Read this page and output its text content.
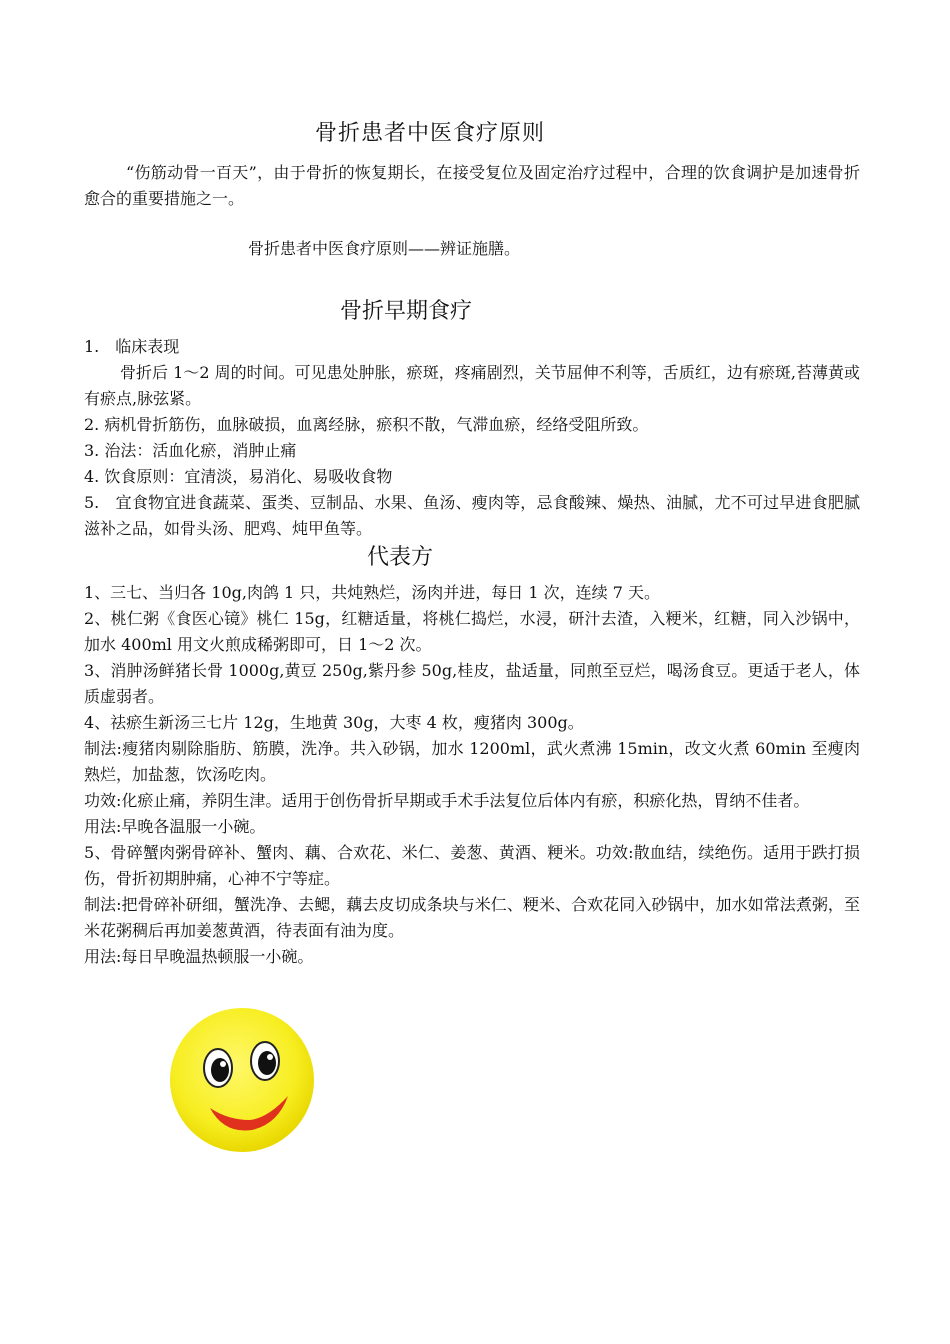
骨折患者中医食疗原则

“伤筋动骨一百天”，由于骨折的恢复期长，在接受复位及固定治疗过程中，合理的饮食调护是加速骨折愈合的重要措施之一。

骨折患者中医食疗原则——辨证施膳。
骨折早期食疗

1.　临床表现

骨折后 1～2 周的时间。可见患处肿胀，瘀斑，疼痛剧烈，关节屈伸不利等，舌质红，边有瘀斑,苔薄黄或有瘀点,脉弦紧。

2. 病机骨折筋伤，血脉破损，血离经脉，瘀积不散，气滞血瘀，经络受阻所致。

3. 治法：活血化瘀，消肿止痛

4. 饮食原则：宜清淡，易消化、易吸收食物

5.　宜食物宜进食蔬菜、蛋类、豆制品、水果、鱼汤、瘦肉等，忌食酸辣、燥热、油腻，尤不可过早进食肥腻滋补之品，如骨头汤、肥鸡、炖甲鱼等。

代表方

1、三七、当归各 10g,肉鸽 1 只，共炖熟烂，汤肉并进，每日 1 次，连续 7 天。

2、桃仁粥《食医心镜》桃仁 15g，红糖适量，将桃仁捣烂，水浸，研汁去渣，入粳米，红糖，同入沙锅中，加水 400ml 用文火煎成稀粥即可，日 1～2 次。

3、消肿汤鲜猪长骨 1000g,黄豆 250g,紫丹参 50g,桂皮，盐适量，同煎至豆烂，喝汤食豆。更适于老人，体质虚弱者。

4、祛瘀生新汤三七片 12g，生地黄 30g，大枣 4 枚，瘦猪肉 300g。

制法:瘦猪肉剔除脂肪、筋膜，洗净。共入砂锅，加水 1200ml，武火煮沸 15min，改文火煮 60min 至瘦肉熟烂，加盐葱，饮汤吃肉。

功效:化瘀止痛，养阴生津。适用于创伤骨折早期或手术手法复位后体内有瘀，积瘀化热，胃纳不佳者。

用法:早晚各温服一小碗。

5、骨碎蟹肉粥骨碎补、蟹肉、藕、合欢花、米仁、姜葱、黄酒、粳米。功效:散血结，续绝伤。适用于跌打损伤，骨折初期肿痛，心神不宁等症。

制法:把骨碎补研细，蟹洗净、去鳃，藕去皮切成条块与米仁、粳米、合欢花同入砂锅中，加水如常法煮粥，至米花粥稠后再加姜葱黄酒，待表面有油为度。

用法:每日早晚温热顿服一小碗。
